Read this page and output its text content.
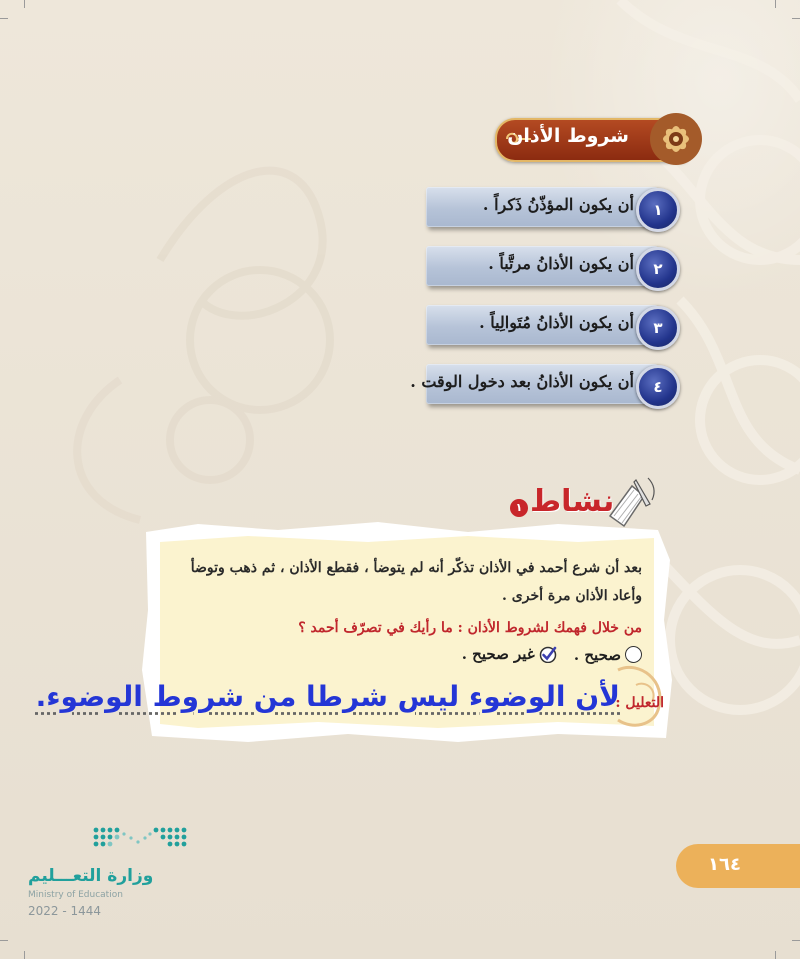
شروط الأذان
أن يكون المؤذّنُ ذَكراً .	١
أن يكون الأذانُ مرتَّباً .	٢
أن يكون الأذانُ مُتَوالِياً .	٣
أن يكون الأذانُ بعد دخول الوقت .	٤
بعد أن شرع أحمد في الأذان تذكّر أنه لم يتوضأ ، فقطع الأذان ، ثم ذهب وتوضأ
وأعاد الأذان مرة أخرى .
من خلال فهمك لشروط الأذان : ما رأيك في تصرّف أحمد ؟
صحيح .

غير صحيح .
التعليل :
لأن الوضوء ليس شرطا من شروط الوضوء.
نشاط
١
١٦٤
وزارة التعـــليم
Ministry of Education
2022 - 1444
